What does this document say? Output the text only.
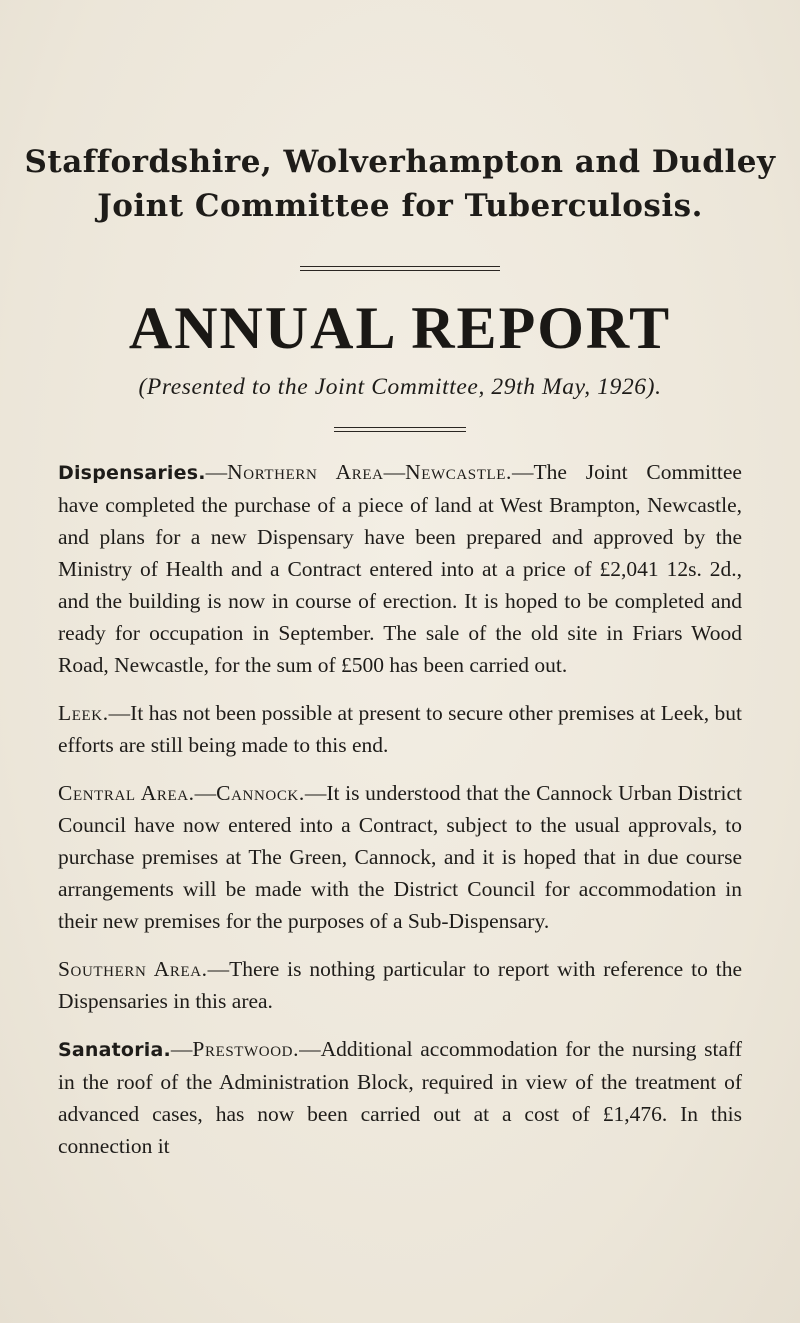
Staffordshire, Wolverhampton and Dudley
Joint Committee for Tuberculosis.
ANNUAL REPORT
(Presented to the Joint Committee, 29th May, 1926).

Dispensaries.—Northern Area—Newcastle.—The Joint Committee have completed the purchase of a piece of land at West Brampton, Newcastle, and plans for a new Dispensary have been prepared and approved by the Ministry of Health and a Contract entered into at a price of £2,041 12s. 2d., and the building is now in course of erection. It is hoped to be completed and ready for occupation in September. The sale of the old site in Friars Wood Road, Newcastle, for the sum of £500 has been carried out.

Leek.—It has not been possible at present to secure other premises at Leek, but efforts are still being made to this end.

Central Area.—Cannock.—It is understood that the Cannock Urban District Council have now entered into a Contract, subject to the usual approvals, to purchase premises at The Green, Cannock, and it is hoped that in due course arrangements will be made with the District Council for accommodation in their new premises for the purposes of a Sub-Dispensary.

Southern Area.—There is nothing particular to report with reference to the Dispensaries in this area.

Sanatoria.—Prestwood.—Additional accommodation for the nursing staff in the roof of the Administration Block, required in view of the treatment of advanced cases, has now been carried out at a cost of £1,476. In this connection it
